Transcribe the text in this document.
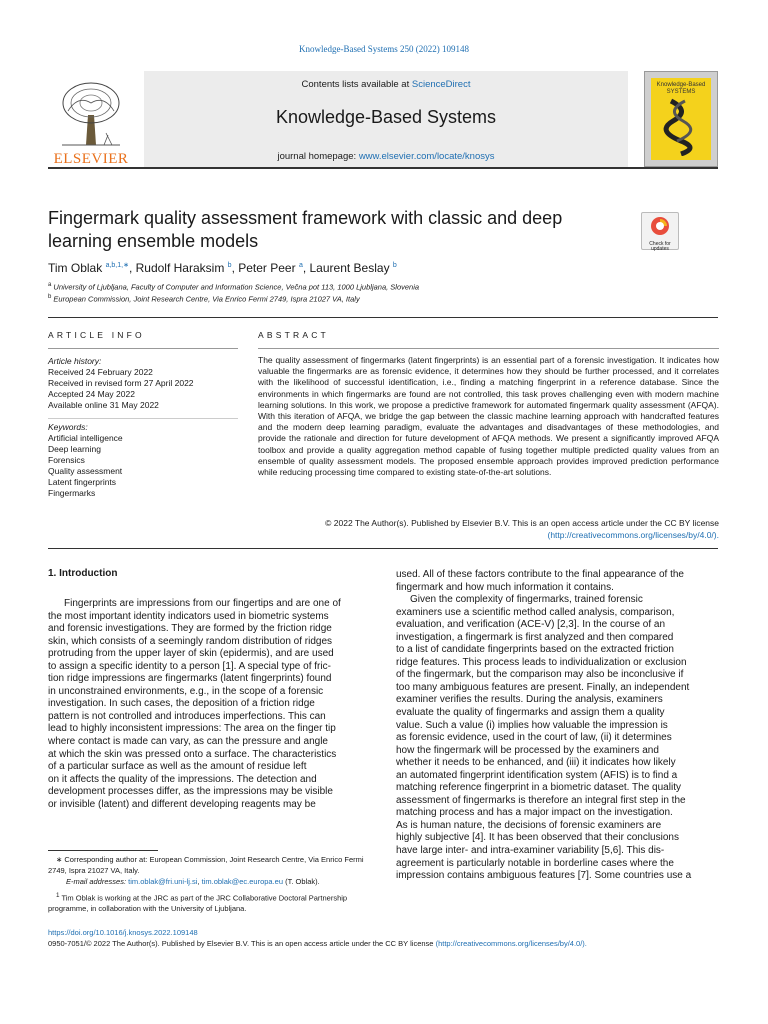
Knowledge-Based Systems 250 (2022) 109148
ELSEVIER
Contents lists available at ScienceDirect
Knowledge-Based Systems
journal homepage: www.elsevier.com/locate/knosys
Knowledge-Based SYSTEMS
Fingermark quality assessment framework with classic and deep learning ensemble models	Check for updates
Tim Oblak $^{a,b,1,∗}$, Rudolf Haraksim $^b$, Peter Peer $^a$, Laurent Beslay $^b$
$^a$ University of Ljubljana, Faculty of Computer and Information Science, Večna pot 113, 1000 Ljubljana, Slovenia
$^b$ European Commission, Joint Research Centre, Via Enrico Fermi 2749, Ispra 21027 VA, Italy
ARTICLE INFO
Article history:
Received 24 February 2022
Received in revised form 27 April 2022
Accepted 24 May 2022
Available online 31 May 2022
Keywords:
Artificial intelligence
Deep learning
Forensics
Quality assessment
Latent fingerprints
Fingermarks
ABSTRACT
The quality assessment of fingermarks (latent fingerprints) is an essential part of a forensic investigation. It indicates how valuable the fingermarks are as forensic evidence, it determines how they should be further processed, and it correlates with the likelihood of successful identification, i.e., finding a matching fingerprint in a reference database. Since the environments in which fingermarks are found are not controlled, this task proves challenging even with modern machine learning solutions. In this work, we propose a predictive framework for automated fingermark quality assessment (AFQA). With this iteration of AFQA, we bridge the gap between the classic machine learning approach with handcrafted features and the modern deep learning paradigm, evaluate the advantages and disadvantages of these methodologies, and provide the rationale and direction for future development of AFQA methods. We present a significantly improved AFQA toolbox and provide a quality aggregation method capable of fusing together multiple predicted quality values from an ensemble of quality assessment models. The proposed ensemble approach provides improved prediction performance while reducing processing time compared to existing state-of-the-art solutions.
© 2022 The Author(s). Published by Elsevier B.V. This is an open access article under the CC BY license
(http://creativecommons.org/licenses/by/4.0/).
1. Introduction
Fingerprints are impressions from our fingertips and are one of
the most important identity indicators used in biometric systems
and forensic investigations. They are formed by the friction ridge
skin, which consists of a seemingly random distribution of ridges
protruding from the upper layer of skin (epidermis), and are used
to assign a specific identity to a person [1]. A special type of fric-
tion ridge impressions are fingermarks (latent fingerprints) found
in unconstrained environments, e.g., in the scope of a forensic
investigation. In such cases, the deposition of a friction ridge
pattern is not controlled and introduces imperfections. This can
lead to highly inconsistent impressions: The area on the finger tip
where contact is made can vary, as can the pressure and angle
at which the skin was pressed onto a surface. The characteristics
of a particular surface as well as the amount of residue left
on it affects the quality of the impressions. The detection and
development processes differ, as the impressions may be visible
or invisible (latent) and different developing reagents may be
used. All of these factors contribute to the final appearance of the
fingermark and how much information it contains.
Given the complexity of fingermarks, trained forensic
examiners use a scientific method called analysis, comparison,
evaluation, and verification (ACE-V) [2,3]. In the course of an
investigation, a fingermark is first analyzed and then compared
to a list of candidate fingerprints based on the extracted friction
ridge features. This process leads to individualization or exclusion
of the fingermark, but the comparison may also be inconclusive if
too many ambiguous features are present. Finally, an independent
examiner verifies the results. During the analysis, examiners
evaluate the quality of fingermarks and assign them a quality
value. Such a value (i) implies how valuable the impression is
as forensic evidence, used in the court of law, (ii) it determines
how the fingermark will be processed by the examiners and
whether it needs to be enhanced, and (iii) it indicates how likely
an automated fingerprint identification system (AFIS) is to find a
matching reference fingerprint in a biometric dataset. The quality
assessment of fingermarks is therefore an integral first step in the
matching process and has a major impact on the investigation.
As is human nature, the decisions of forensic examiners are
highly subjective [4]. It has been observed that their conclusions
have large inter- and intra-examiner variability [5,6]. This dis-
agreement is particularly notable in borderline cases where the
impression contains ambiguous features [7]. Some countries use a
∗ Corresponding author at: European Commission, Joint Research Centre, Via Enrico Fermi 2749, Ispra 21027 VA, Italy.
E-mail addresses: tim.oblak@fri.uni-lj.si, tim.oblak@ec.europa.eu (T. Oblak).
$^1$ Tim Oblak is working at the JRC as part of the JRC Collaborative Doctoral Partnership programme, in collaboration with the University of Ljubljana.
https://doi.org/10.1016/j.knosys.2022.109148
0950-7051/© 2022 The Author(s). Published by Elsevier B.V. This is an open access article under the CC BY license (http://creativecommons.org/licenses/by/4.0/).
